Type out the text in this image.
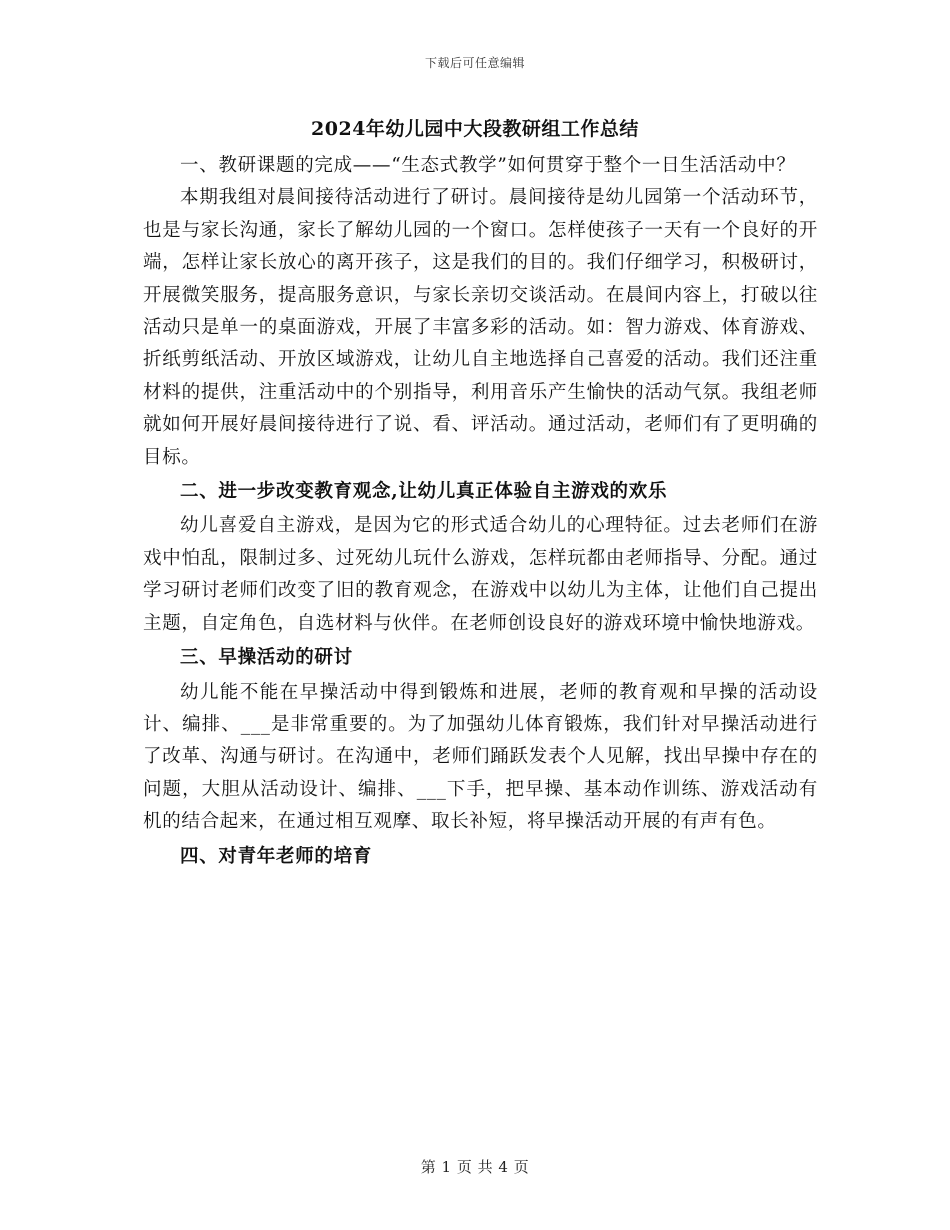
下载后可任意编辑
2024年幼儿园中大段教研组工作总结

一、教研课题的完成——“生态式教学”如何贯穿于整个一日生活活动中？

本期我组对晨间接待活动进行了研讨。晨间接待是幼儿园第一个活动环节，也是与家长沟通，家长了解幼儿园的一个窗口。怎样使孩子一天有一个良好的开端，怎样让家长放心的离开孩子，这是我们的目的。我们仔细学习，积极研讨，开展微笑服务，提高服务意识，与家长亲切交谈活动。在晨间内容上，打破以往活动只是单一的桌面游戏，开展了丰富多彩的活动。如：智力游戏、体育游戏、折纸剪纸活动、开放区域游戏，让幼儿自主地选择自己喜爱的活动。我们还注重材料的提供，注重活动中的个别指导，利用音乐产生愉快的活动气氛。我组老师就如何开展好晨间接待进行了说、看、评活动。通过活动，老师们有了更明确的目标。

二、进一步改变教育观念,让幼儿真正体验自主游戏的欢乐

幼儿喜爱自主游戏，是因为它的形式适合幼儿的心理特征。过去老师们在游戏中怕乱，限制过多、过死幼儿玩什么游戏，怎样玩都由老师指导、分配。通过学习研讨老师们改变了旧的教育观念，在游戏中以幼儿为主体，让他们自己提出主题，自定角色，自选材料与伙伴。在老师创设良好的游戏环境中愉快地游戏。

三、早操活动的研讨

幼儿能不能在早操活动中得到锻炼和进展，老师的教育观和早操的活动设计、编排、___是非常重要的。为了加强幼儿体育锻炼，我们针对早操活动进行了改革、沟通与研讨。在沟通中，老师们踊跃发表个人见解，找出早操中存在的问题，大胆从活动设计、编排、___下手，把早操、基本动作训练、游戏活动有机的结合起来，在通过相互观摩、取长补短，将早操活动开展的有声有色。

四、对青年老师的培育

第 1 页 共 4 页
